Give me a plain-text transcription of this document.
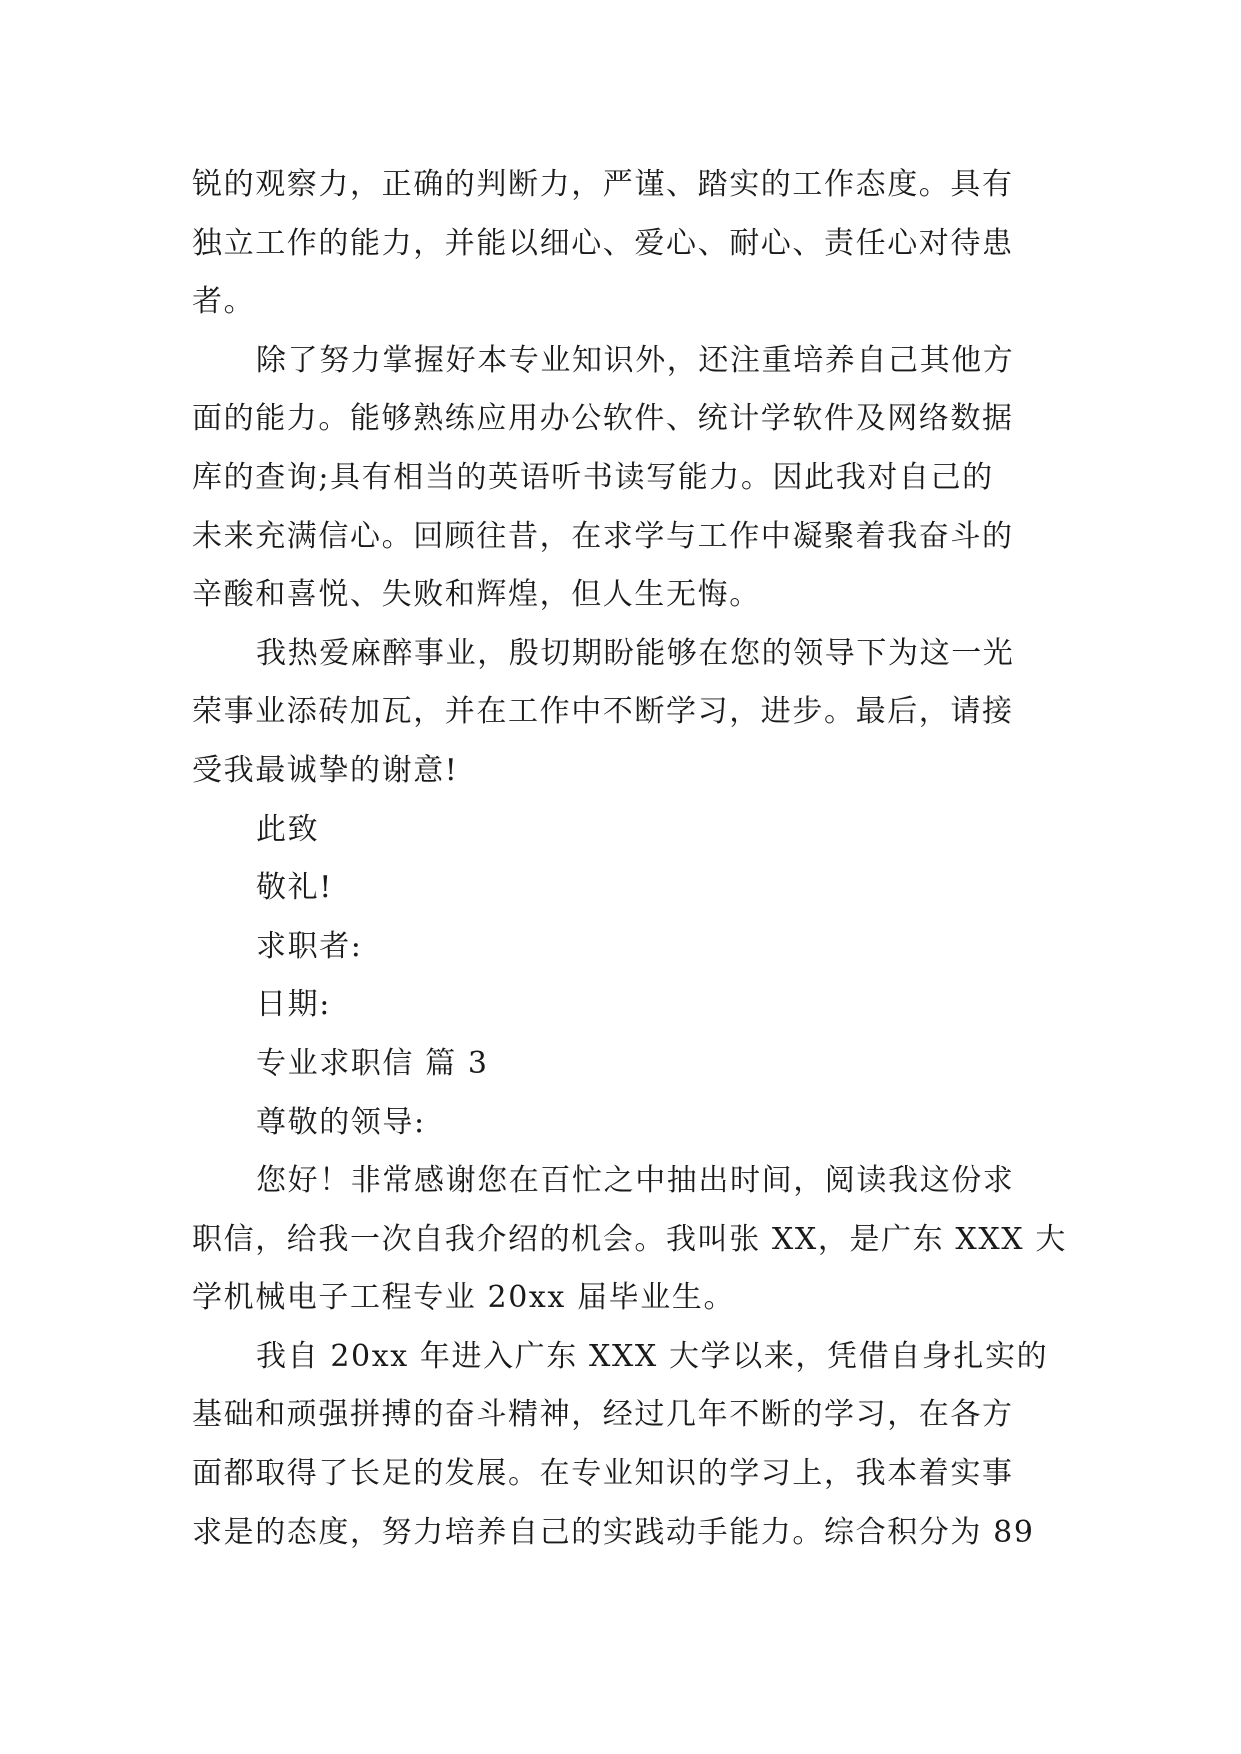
锐的观察力，正确的判断力，严谨、踏实的工作态度。具有
独立工作的能力，并能以细心、爱心、耐心、责任心对待患
者。
除了努力掌握好本专业知识外，还注重培养自己其他方
面的能力。能够熟练应用办公软件、统计学软件及网络数据
库的查询;具有相当的英语听书读写能力。因此我对自己的
未来充满信心。回顾往昔，在求学与工作中凝聚着我奋斗的
辛酸和喜悦、失败和辉煌，但人生无悔。
我热爱麻醉事业，殷切期盼能够在您的领导下为这一光
荣事业添砖加瓦，并在工作中不断学习，进步。最后，请接
受我最诚挚的谢意!
此致
敬礼!
求职者:
日期:
专业求职信 篇 3
尊敬的领导:
您好！非常感谢您在百忙之中抽出时间，阅读我这份求
职信，给我一次自我介绍的机会。我叫张 XX，是广东 XXX 大
学机械电子工程专业 20xx 届毕业生。
我自 20xx 年进入广东 XXX 大学以来，凭借自身扎实的
基础和顽强拼搏的奋斗精神，经过几年不断的学习，在各方
面都取得了长足的发展。在专业知识的学习上，我本着实事
求是的态度，努力培养自己的实践动手能力。综合积分为 89
